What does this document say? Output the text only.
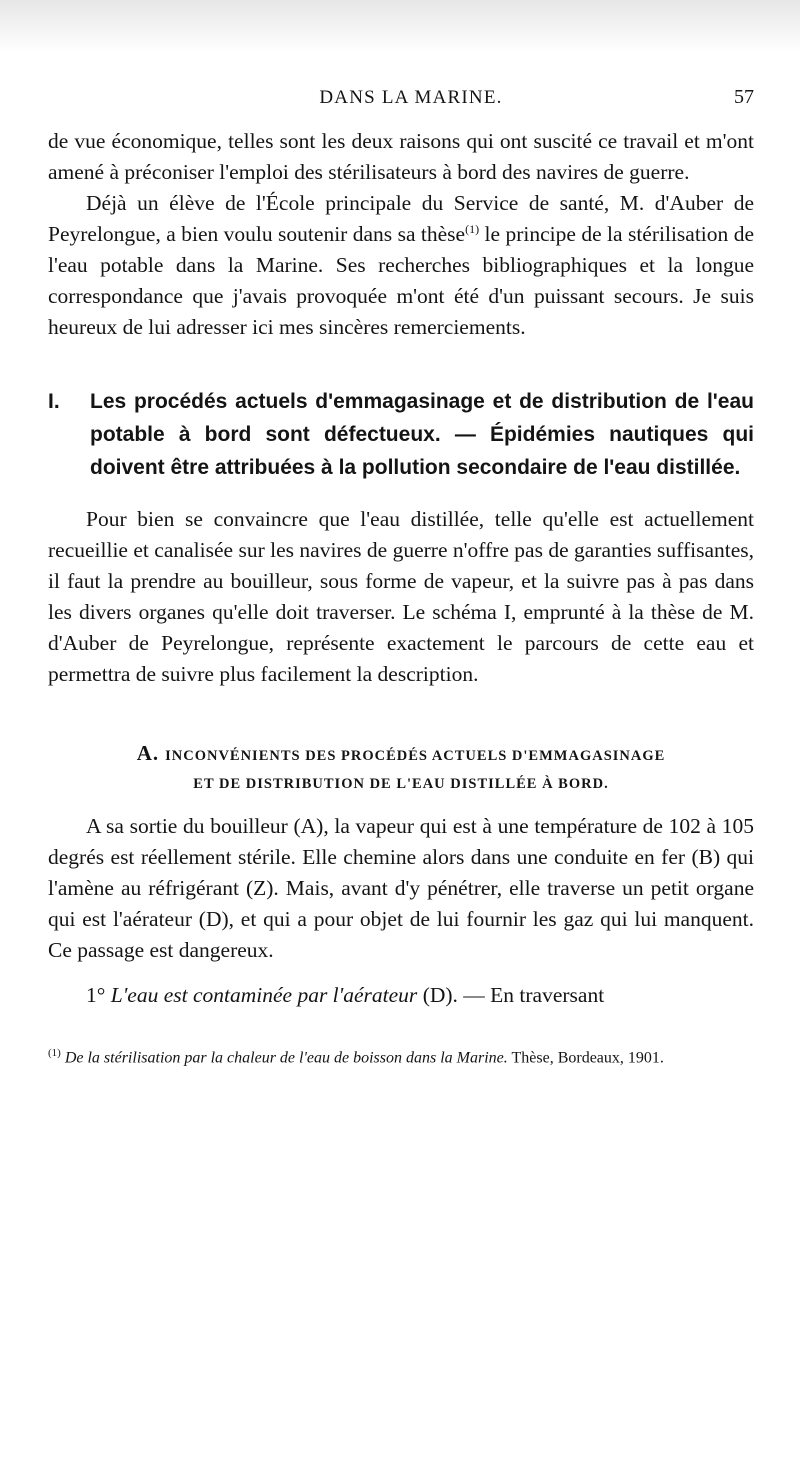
DANS LA MARINE.	57

de vue économique, telles sont les deux raisons qui ont suscité ce travail et m'ont amené à préconiser l'emploi des stérilisateurs à bord des navires de guerre.

Déjà un élève de l'École principale du Service de santé, M. d'Auber de Peyrelongue, a bien voulu soutenir dans sa thèse$^{(1)}$ le principe de la stérilisation de l'eau potable dans la Marine. Ses recherches bibliographiques et la longue correspondance que j'avais provoquée m'ont été d'un puissant secours. Je suis heureux de lui adresser ici mes sincères remerciements.

I. Les procédés actuels d'emmagasinage et de distribution de l'eau potable à bord sont défectueux. — Épidémies nautiques qui doivent être attribuées à la pollution secondaire de l'eau distillée.

Pour bien se convaincre que l'eau distillée, telle qu'elle est actuellement recueillie et canalisée sur les navires de guerre n'offre pas de garanties suffisantes, il faut la prendre au bouilleur, sous forme de vapeur, et la suivre pas à pas dans les divers organes qu'elle doit traverser. Le schéma I, emprunté à la thèse de M. d'Auber de Peyrelongue, représente exactement le parcours de cette eau et permettra de suivre plus facilement la description.

A. INCONVÉNIENTS DES PROCÉDÉS ACTUELS D'EMMAGASINAGE
ET DE DISTRIBUTION DE L'EAU DISTILLÉE À BORD.

A sa sortie du bouilleur (A), la vapeur qui est à une température de 102 à 105 degrés est réellement stérile. Elle chemine alors dans une conduite en fer (B) qui l'amène au réfrigérant (Z). Mais, avant d'y pénétrer, elle traverse un petit organe qui est l'aérateur (D), et qui a pour objet de lui fournir les gaz qui lui manquent. Ce passage est dangereux.

1° L'eau est contaminée par l'aérateur (D). — En traversant

$^{(1)}$ De la stérilisation par la chaleur de l'eau de boisson dans la Marine. Thèse, Bordeaux, 1901.
